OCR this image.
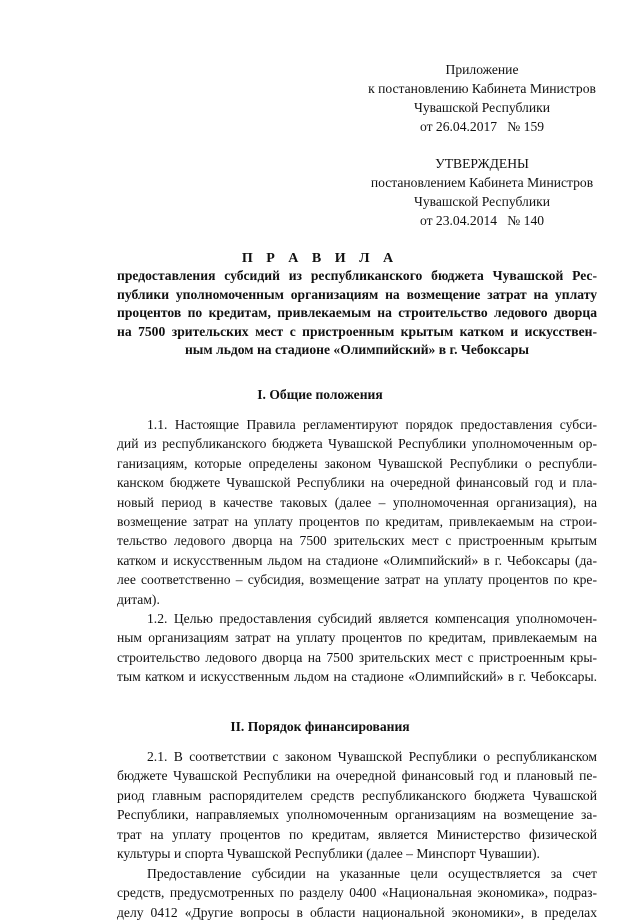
Приложение
к постановлению Кабинета Министров
Чувашской Республики
от 26.04.2017   № 159
УТВЕРЖДЕНЫ
постановлением Кабинета Министров
Чувашской Республики
от 23.04.2014   № 140
П Р А В И Л А
предоставления субсидий из республиканского бюджета Чувашской Рес-
публики уполномоченным организациям на возмещение затрат на уплату
процентов по кредитам, привлекаемым на строительство ледового дворца
на 7500 зрительских мест с пристроенным крытым катком и искусствен-
ным льдом на стадионе «Олимпийский» в г. Чебоксары
I. Общие положения
1.1. Настоящие Правила регламентируют порядок предоставления субси-
дий из республиканского бюджета Чувашской Республики уполномоченным ор-
ганизациям, которые определены законом Чувашской Республики о республи-
канском бюджете Чувашской Республики на очередной финансовый год и пла-
новый период в качестве таковых (далее – уполномоченная организация), на
возмещение затрат на уплату процентов по кредитам, привлекаемым на строи-
тельство ледового дворца на 7500 зрительских мест с пристроенным крытым
катком и искусственным льдом на стадионе «Олимпийский» в г. Чебоксары (да-
лее соответственно – субсидия, возмещение затрат на уплату процентов по кре-
дитам).
1.2. Целью предоставления субсидий является компенсация уполномочен-
ным организациям затрат на уплату процентов по кредитам, привлекаемым на
строительство ледового дворца на 7500 зрительских мест с пристроенным кры-
тым катком и искусственным льдом на стадионе «Олимпийский» в г. Чебоксары.
II. Порядок финансирования
2.1. В соответствии с законом Чувашской Республики о республиканском
бюджете Чувашской Республики на очередной финансовый год и плановый пе-
риод главным распорядителем средств республиканского бюджета Чувашской
Республики, направляемых уполномоченным организациям на возмещение за-
трат на уплату процентов по кредитам, является Министерство физической
культуры и спорта Чувашской Республики (далее – Минспорт Чувашии).
Предоставление субсидии на указанные цели осуществляется за счет
средств, предусмотренных по разделу 0400 «Национальная экономика», подраз-
делу 0412 «Другие вопросы в области национальной экономики», в пределах
